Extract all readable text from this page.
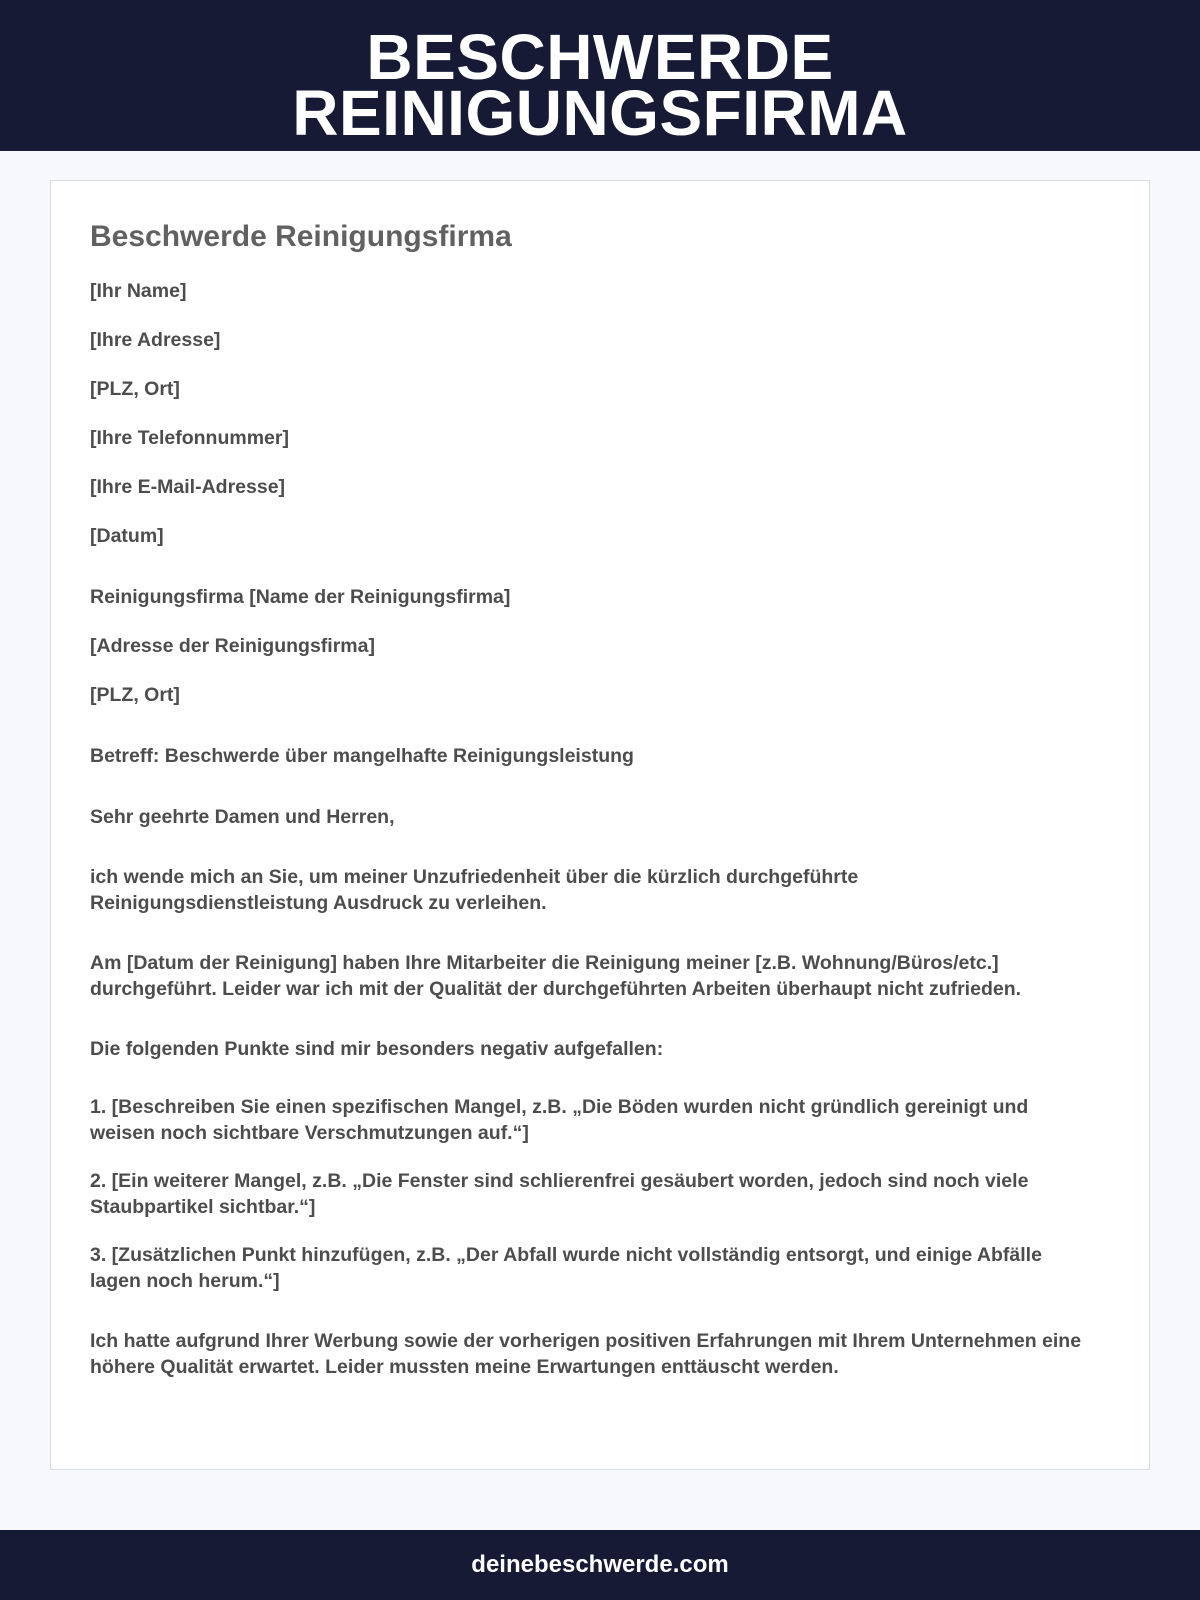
BESCHWERDE
REINIGUNGSFIRMA
Beschwerde Reinigungsfirma
[Ihr Name]
[Ihre Adresse]
[PLZ, Ort]
[Ihre Telefonnummer]
[Ihre E-Mail-Adresse]
[Datum]
Reinigungsfirma [Name der Reinigungsfirma]
[Adresse der Reinigungsfirma]
[PLZ, Ort]
Betreff: Beschwerde über mangelhafte Reinigungsleistung
Sehr geehrte Damen und Herren,
ich wende mich an Sie, um meiner Unzufriedenheit über die kürzlich durchgeführte Reinigungsdienstleistung Ausdruck zu verleihen.
Am [Datum der Reinigung] haben Ihre Mitarbeiter die Reinigung meiner [z.B. Wohnung/Büros/etc.] durchgeführt. Leider war ich mit der Qualität der durchgeführten Arbeiten überhaupt nicht zufrieden.
Die folgenden Punkte sind mir besonders negativ aufgefallen:
1. [Beschreiben Sie einen spezifischen Mangel, z.B. „Die Böden wurden nicht gründlich gereinigt und weisen noch sichtbare Verschmutzungen auf.“]
2. [Ein weiterer Mangel, z.B. „Die Fenster sind schlierenfrei gesäubert worden, jedoch sind noch viele Staubpartikel sichtbar.“]
3. [Zusätzlichen Punkt hinzufügen, z.B. „Der Abfall wurde nicht vollständig entsorgt, und einige Abfälle lagen noch herum.“]
Ich hatte aufgrund Ihrer Werbung sowie der vorherigen positiven Erfahrungen mit Ihrem Unternehmen eine höhere Qualität erwartet. Leider mussten meine Erwartungen enttäuscht werden.
deinebeschwerde.com
